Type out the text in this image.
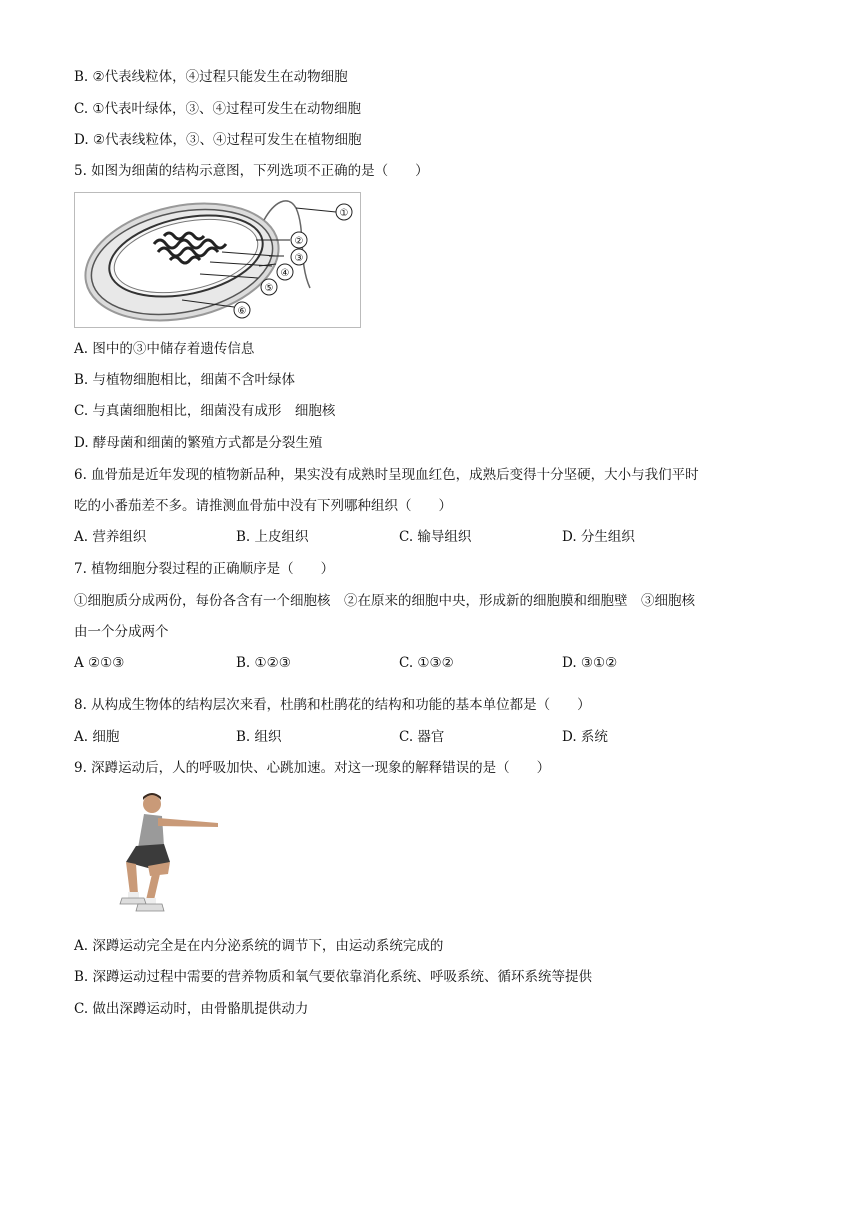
B. ②代表线粒体，④过程只能发生在动物细胞
C. ①代表叶绿体，③、④过程可发生在动物细胞
D. ②代表线粒体，③、④过程可发生在植物细胞
5. 如图为细菌的结构示意图，下列选项不正确的是（　　）
①
②
③
④
⑤
⑥
A. 图中的③中储存着遗传信息
B. 与植物细胞相比，细菌不含叶绿体
C. 与真菌细胞相比，细菌没有成形　细胞核
D. 酵母菌和细菌的繁殖方式都是分裂生殖
6. 血骨茄是近年发现的植物新品种，果实没有成熟时呈现血红色，成熟后变得十分坚硬，大小与我们平时
吃的小番茄差不多。请推测血骨茄中没有下列哪种组织（　　）
A. 营养组织	B. 上皮组织	C. 输导组织	D. 分生组织
7. 植物细胞分裂过程的正确顺序是（　　）
①细胞质分成两份，每份各含有一个细胞核　②在原来的细胞中央，形成新的细胞膜和细胞壁　③细胞核
由一个分成两个
A ②①③	B. ①②③	C. ①③②	D. ③①②
8. 从构成生物体的结构层次来看，杜鹃和杜鹃花的结构和功能的基本单位都是（　　）
A. 细胞	B. 组织	C. 器官	D. 系统
9. 深蹲运动后，人的呼吸加快、心跳加速。对这一现象的解释错误的是（　　）
A. 深蹲运动完全是在内分泌系统的调节下，由运动系统完成的
B. 深蹲运动过程中需要的营养物质和氧气要依靠消化系统、呼吸系统、循环系统等提供
C. 做出深蹲运动时，由骨骼肌提供动力
